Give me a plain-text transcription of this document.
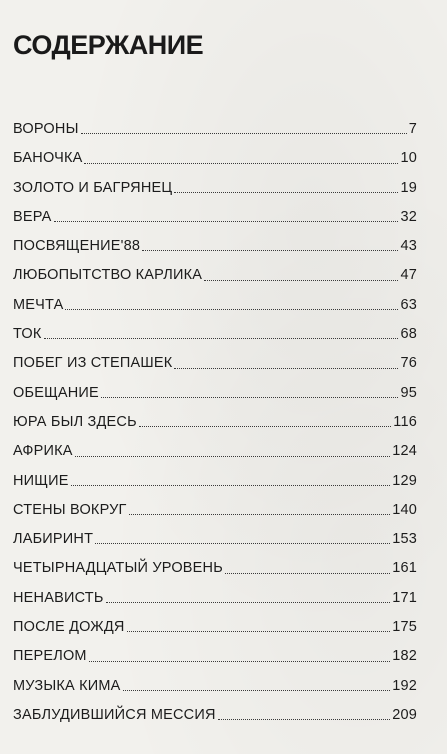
СОДЕРЖАНИЕ
ВОРОНЫ	7
БАНОЧКА	10
ЗОЛОТО И БАГРЯНЕЦ	19
ВЕРА	32
ПОСВЯЩЕНИЕ'88	43
ЛЮБОПЫТСТВО КАРЛИКА	47
МЕЧТА	63
ТОК	68
ПОБЕГ ИЗ СТЕПАШЕК	76
ОБЕЩАНИЕ	95
ЮРА БЫЛ ЗДЕСЬ	116
АФРИКА	124
НИЩИЕ	129
СТЕНЫ ВОКРУГ	140
ЛАБИРИНТ	153
ЧЕТЫРНАДЦАТЫЙ УРОВЕНЬ	161
НЕНАВИСТЬ	171
ПОСЛЕ ДОЖДЯ	175
ПЕРЕЛОМ	182
МУЗЫКА КИМА	192
ЗАБЛУДИВШИЙСЯ МЕССИЯ	209
